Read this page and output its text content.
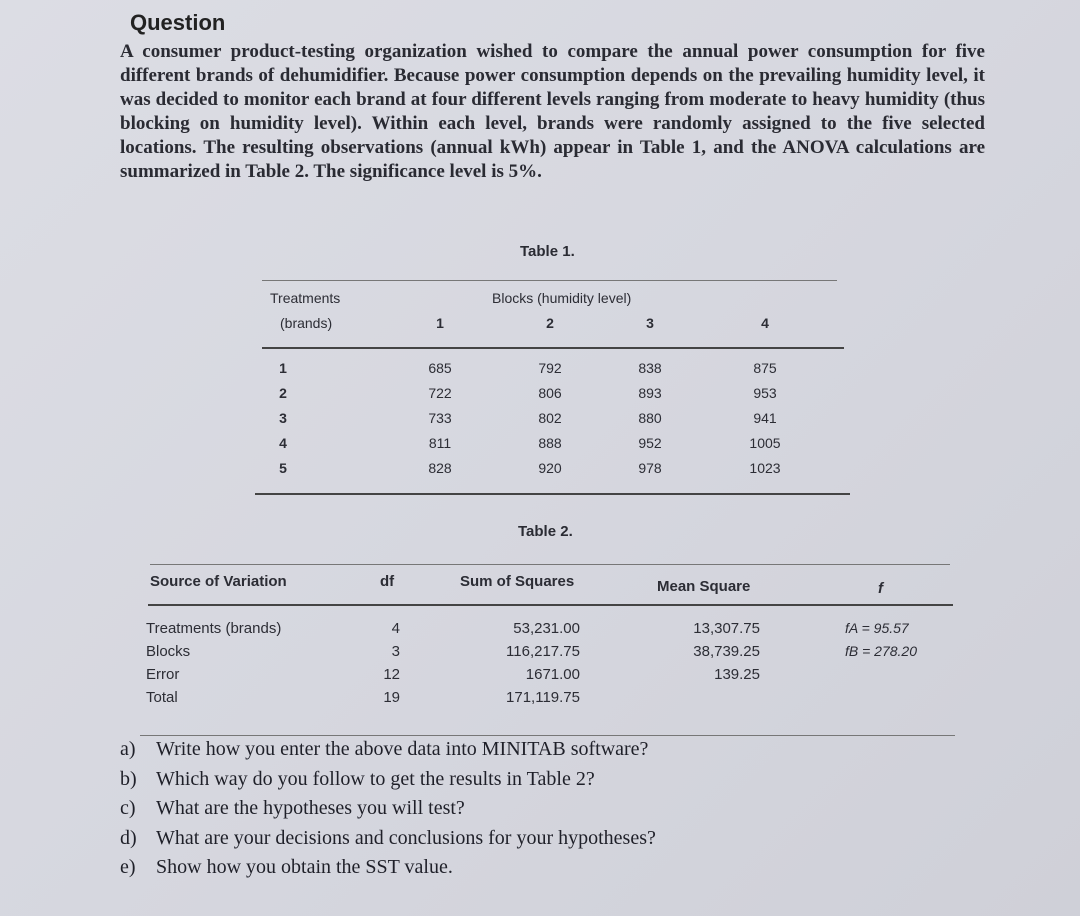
Question
A consumer product-testing organization wished to compare the annual power consumption for five different brands of dehumidifier. Because power consumption depends on the prevailing humidity level, it was decided to monitor each brand at four different levels ranging from moderate to heavy humidity (thus blocking on humidity level). Within each level, brands were randomly assigned to the five selected locations. The resulting observations (annual kWh) appear in Table 1, and the ANOVA calculations are summarized in Table 2. The significance level is 5%.
Table 1.
Treatments
(brands)
Blocks (humidity level)
1	2	3	4
1	685	792	838	875
2	722	806	893	953
3	733	802	880	941
4	811	888	952	1005
5	828	920	978	1023
Table 2.
Source of Variation	df	Sum of Squares	Mean Square	f
Treatments (brands)	4	53,231.00	13,307.75	fA = 95.57
Blocks	3	116,217.75	38,739.25	fB = 278.20
Error	12	1671.00	139.25
Total	19	171,119.75
a)	Write how you enter the above data into MINITAB software?
b) Which way do you follow to get the results in Table 2?
c)	What are the hypotheses you will test?
d) What are your decisions and conclusions for your hypotheses?
e)	Show how you obtain the SST value.
